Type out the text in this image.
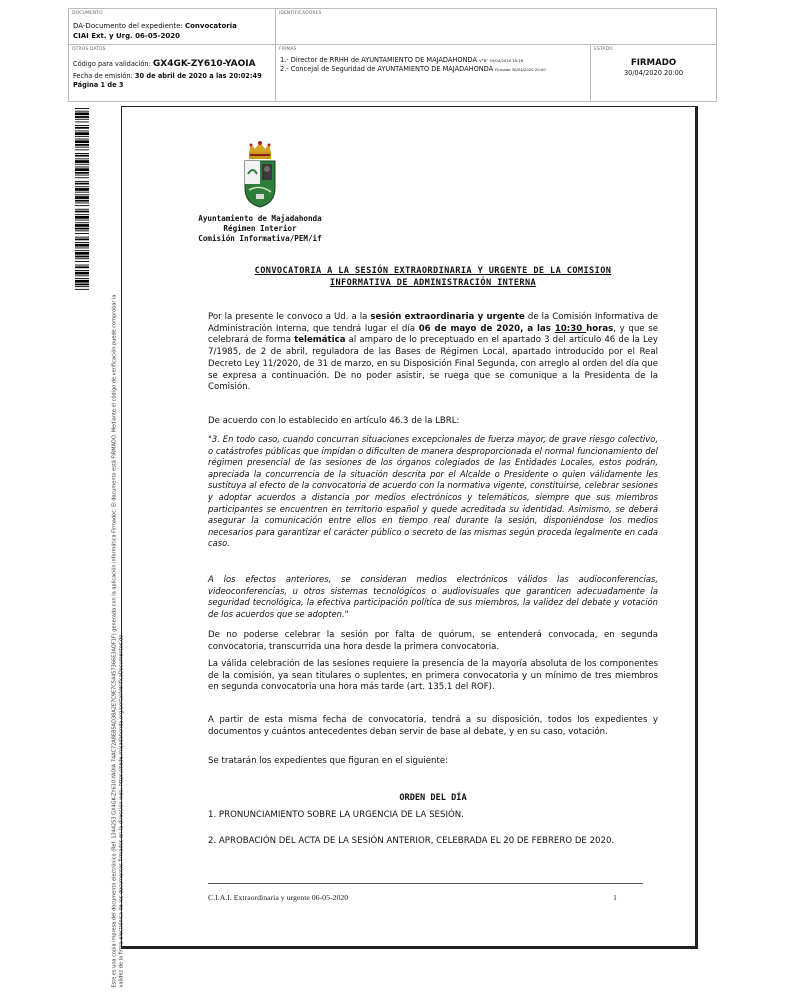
DOCUMENTO
DA-Documento del expediente: Convocatoria
CIAI Ext. y Urg. 06-05-2020
IDENTIFICADORES
OTROS DATOS
Código para validación: GX4GK-ZY610-YAOIA
Fecha de emisión: 30 de abril de 2020 a las 20:02:49
Página 1 de 3
FIRMAS
1.- Director de RRHH de AYUNTAMIENTO DE MAJADAHONDA V°B° 30/04/2020 19:16
2.- Concejal de Seguridad de AYUNTAMIENTO DE MAJADAHONDA Firmado 30/04/2020 20:00
ESTADO
FIRMADO
30/04/2020 20:00
Este es una copia impresa del documento electrónico (Ref: 1344253 GX4GK-ZY610-YAOIA 74AC72A8EB5AD38A2E7C9E7C54457366E3AQF1F) generada con la aplicación informática Firmadoc. El documento está FIRMADO. Mediante el código de verificación puede comprobar la validez de la firma electrónica de los documentos firmados en la dirección web: https://sede.majadahonda.org/portal/VerificaDocumentos.do
Ayuntamiento de Majadahonda
Régimen Interior
Comisión Informativa/PEM/if
CONVOCATORIA A LA SESIÓN EXTRAORDINARIA Y URGENTE DE LA COMISION
INFORMATIVA DE ADMINISTRACIÓN INTERNA
Por la presente le convoco a Ud. a la sesión extraordinaria y urgente de la Comisión Informativa de Administración Interna, que tendrá lugar el día 06 de mayo de 2020, a las 10:30 horas, y que se celebrará de forma telemática al amparo de lo preceptuado en el apartado 3 del artículo 46 de la Ley 7/1985, de 2 de abril, reguladora de las Bases de Régimen Local, apartado introducido por el Real Decreto Ley 11/2020, de 31 de marzo, en su Disposición Final Segunda, con arreglo al orden del día que se expresa a continuación. De no poder asistir, se ruega que se comunique a la Presidenta de la Comisión.
De acuerdo con lo establecido en artículo 46.3 de la LBRL:
"3. En todo caso, cuando concurran situaciones excepcionales de fuerza mayor, de grave riesgo colectivo, o catástrofes públicas que impidan o dificulten de manera desproporcionada el normal funcionamiento del régimen presencial de las sesiones de los órganos colegiados de las Entidades Locales, estos podrán, apreciada la concurrencia de la situación descrita por el Alcalde o Presidente o quien válidamente les sustituya al efecto de la convocatoria de acuerdo con la normativa vigente, constituirse, celebrar sesiones y adoptar acuerdos a distancia por medios electrónicos y telemáticos, siempre que sus miembros participantes se encuentren en territorio español y quede acreditada su identidad. Asimismo, se deberá asegurar la comunicación entre ellos en tiempo real durante la sesión, disponiéndose los medios necesarios para garantizar el carácter público o secreto de las mismas según proceda legalmente en cada caso.
A los efectos anteriores, se consideran medios electrónicos válidos las audioconferencias, videoconferencias, u otros sistemas tecnológicos o audiovisuales que garanticen adecuadamente la seguridad tecnológica, la efectiva participación política de sus miembros, la validez del debate y votación de los acuerdos que se adopten."
De no poderse celebrar la sesión por falta de quórum, se entenderá convocada, en segunda convocatoria, transcurrida una hora desde la primera convocatoria.
La válida celebración de las sesiones requiere la presencia de la mayoría absoluta de los componentes de la comisión, ya sean titulares o suplentes, en primera convocatoria y un mínimo de tres miembros en segunda convocatoria una hora más tarde (art. 135.1 del ROF).
A partir de esta misma fecha de convocatoria, tendrá a su disposición, todos los expedientes y documentos y cuántos antecedentes deban servir de base al debate, y en su caso, votación.
Se tratarán los expedientes que figuran en el siguiente:
ORDEN DEL DÍA
1. PRONUNCIAMIENTO SOBRE LA URGENCIA DE LA SESIÓN.
2. APROBACIÓN DEL ACTA DE LA SESIÓN ANTERIOR, CELEBRADA EL 20 DE FEBRERO DE 2020.
C.I.A.I. Extraordinaria y urgente 06-05-2020	1
